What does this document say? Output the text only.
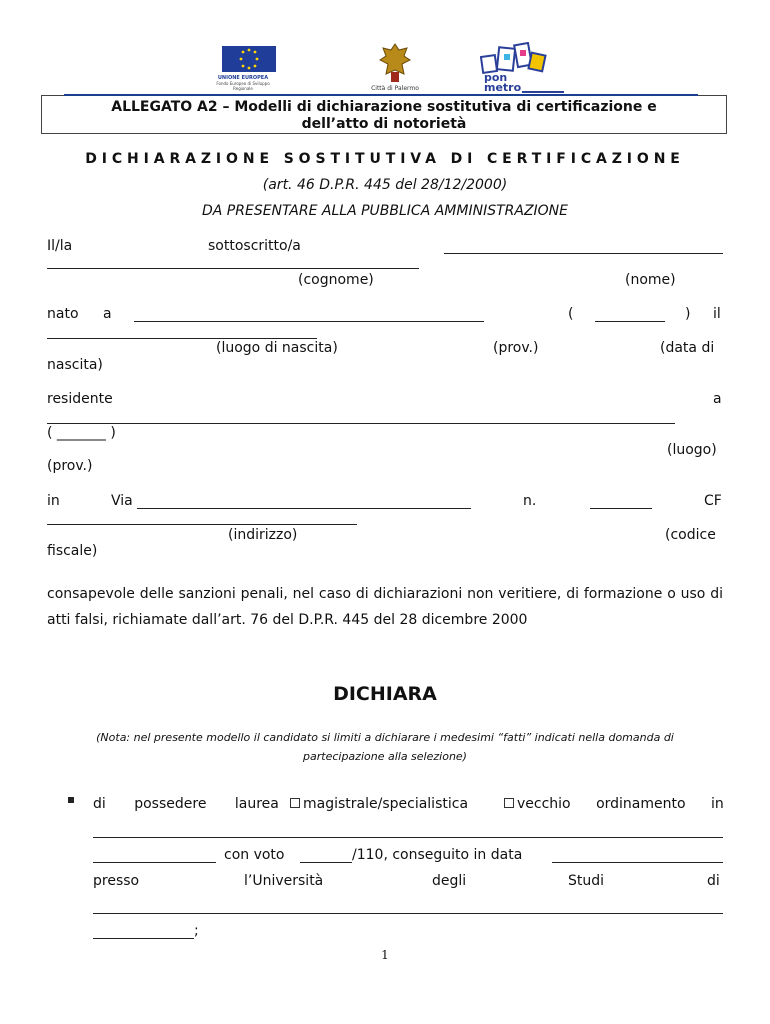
UNIONE EUROPEA
Fondo Europeo di Sviluppo Regionale	Città di Palermo
pon
metro
ALLEGATO A2 – Modelli di dichiarazione sostitutiva di certificazione e
dell’atto di notorietà
DICHIARAZIONE SOSTITUTIVA DI CERTIFICAZIONE
(art. 46 D.P.R. 445 del 28/12/2000)
DA PRESENTARE ALLA PUBBLICA AMMINISTRAZIONE
Il/la	sottoscritto/a
(cognome)	(nome)
nato a	(	) il
(luogo di nascita)	(prov.)	(data di
nascita)
residente	a
( _______ )
(luogo)
(prov.)
in	Via	n.	CF
(indirizzo)	(codice
fiscale)
consapevole delle sanzioni penali, nel caso di dichiarazioni non veritiere, di formazione o uso di atti falsi, richiamate dall’art. 76 del D.P.R. 445 del 28 dicembre 2000
DICHIARA
(Nota: nel presente modello il candidato si limiti a dichiarare i medesimi “fatti” indicati nella domanda di
partecipazione alla selezione)
di possedere laurea	magistrale/specialistica	vecchio ordinamento in
con voto	/110, conseguito in data
presso	l’Università	degli	Studi	di
;
1
